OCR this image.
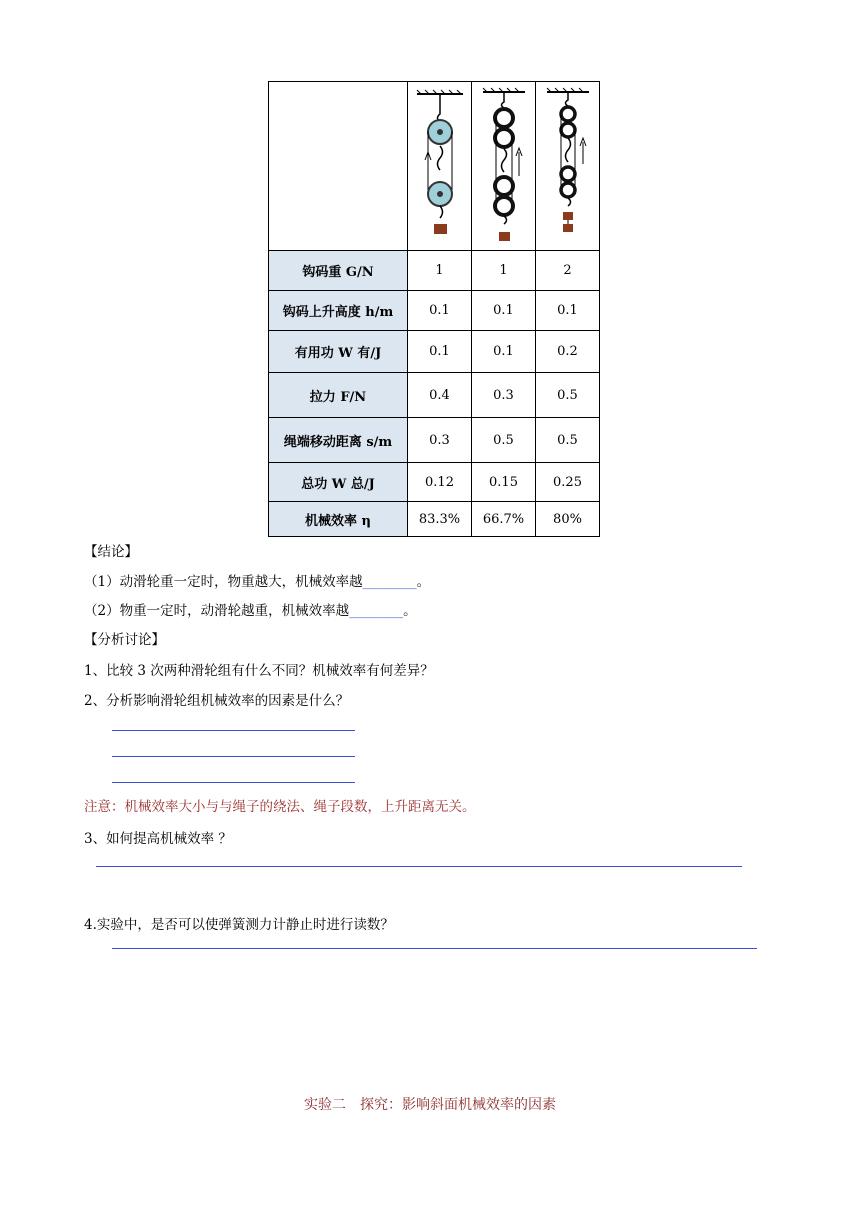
钩码重 G/N	1	1	2
钩码上升高度 h/m	0.1	0.1	0.1
有用功 W 有/J	0.1	0.1	0.2
拉力 F/N	0.4	0.3	0.5
绳端移动距离 s/m	0.3	0.5	0.5
总功 W 总/J	0.12	0.15	0.25
机械效率 η	83.3%	66.7%	80%
【结论】
（1）动滑轮重一定时，物重越大，机械效率越________。
（2）物重一定时，动滑轮越重，机械效率越________。
【分析讨论】
1、比较 3 次两种滑轮组有什么不同？机械效率有何差异？
2、分析影响滑轮组机械效率的因素是什么？
注意：机械效率大小与与绳子的绕法、绳子段数，上升距离无关。
3、如何提高机械效率 ？
4.实验中，是否可以使弹簧测力计静止时进行读数？
实验二　探究：影响斜面机械效率的因素
